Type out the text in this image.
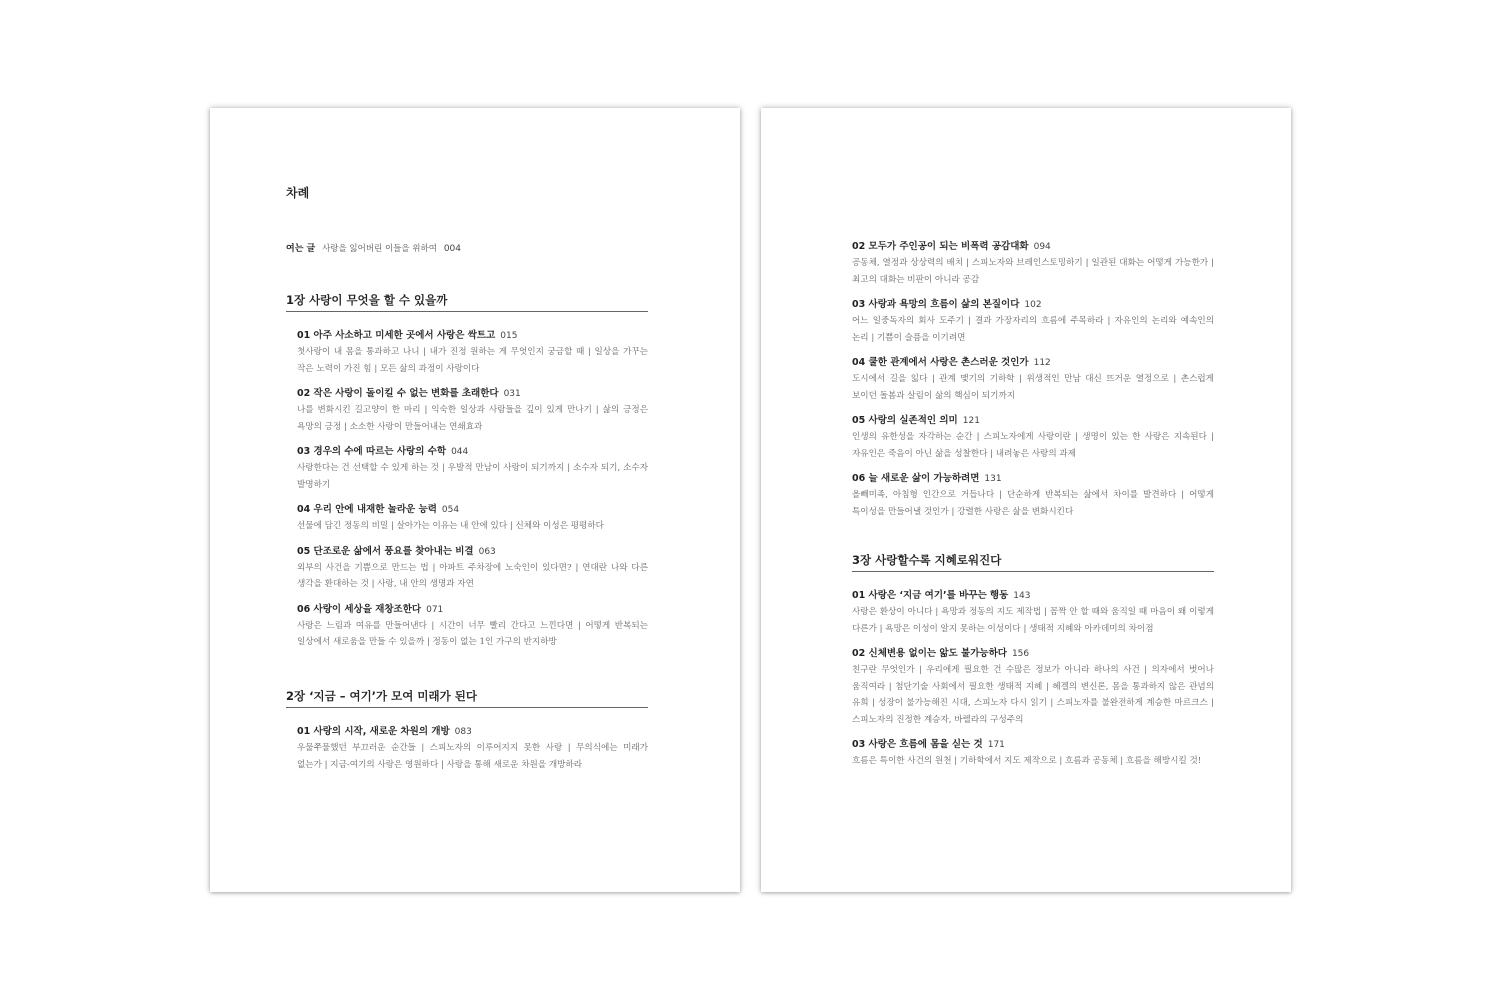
차례
여는 글 사랑을 잃어버린 이들을 위하여 004
1장 사랑이 무엇을 할 수 있을까
01 아주 사소하고 미세한 곳에서 사랑은 싹트고 015
첫사랑이 내 몸을 통과하고 나니 | 내가 진정 원하는 게 무엇인지 궁금할 때 | 일상을 가꾸는 작은 노력이 가진 힘 | 모든 삶의 과정이 사랑이다
02 작은 사랑이 돌이킬 수 없는 변화를 초래한다 031
나를 변화시킨 길고양이 한 마리 | 익숙한 일상과 사람들을 깊이 있게 만나기 | 삶의 긍정은 욕망의 긍정 | 소소한 사랑이 만들어내는 연쇄효과
03 경우의 수에 따르는 사랑의 수학 044
사랑한다는 건 선택할 수 있게 하는 것 | 우발적 만남이 사랑이 되기까지 | 소수자 되기, 소수자 발명하기
04 우리 안에 내재한 놀라운 능력 054
선물에 담긴 정동의 비밀 | 살아가는 이유는 내 안에 있다 | 신체와 이성은 평평하다
05 단조로운 삶에서 풍요를 찾아내는 비결 063
외부의 사건을 기쁨으로 만드는 법 | 아파트 주차장에 노숙인이 있다면? | 연대란 나와 다른 생각을 환대하는 것 | 사랑, 내 안의 생명과 자연
06 사랑이 세상을 재창조한다 071
사랑은 느림과 여유를 만들어낸다 | 시간이 너무 빨리 간다고 느낀다면 | 어떻게 반복되는 일상에서 새로움을 만들 수 있을까 | 정동이 없는 1인 가구의 반지하방
2장 ‘지금 – 여기’가 모여 미래가 된다
01 사랑의 시작, 새로운 차원의 개방 083
우물쭈물했던 부끄러운 순간들 | 스피노자의 이루어지지 못한 사랑 | 무의식에는 미래가 없는가 | 지금-여기의 사랑은 영원하다 | 사랑을 통해 새로운 차원을 개방하라
02 모두가 주인공이 되는 비폭력 공감대화 094
공동체, 열정과 상상력의 배치 | 스피노자와 브레인스토밍하기 | 일관된 대화는 어떻게 가능한가 | 최고의 대화는 비판이 아니라 공감
03 사랑과 욕망의 흐름이 삶의 본질이다 102
어느 일중독자의 회사 도주기 | 결과 가장자리의 흐름에 주목하라 | 자유인의 논리와 예속인의 논리 | 기쁨이 슬픔을 이기려면
04 쿨한 관계에서 사랑은 촌스러운 것인가 112
도시에서 길을 잃다 | 관계 맺기의 기하학 | 위생적인 만남 대신 뜨거운 열정으로 | 촌스럽게 보이던 돌봄과 살림이 삶의 핵심이 되기까지
05 사랑의 실존적인 의미 121
인생의 유한성을 자각하는 순간 | 스피노자에게 사랑이란 | 생명이 있는 한 사랑은 지속된다 | 자유인은 죽음이 아닌 삶을 성찰한다 | 내려놓은 사랑의 과제
06 늘 새로운 삶이 가능하려면 131
올빼미족, 아침형 인간으로 거듭나다 | 단순하게 반복되는 삶에서 차이를 발견하다 | 어떻게 특이성을 만들어낼 것인가 | 강렬한 사랑은 삶을 변화시킨다
3장 사랑할수록 지혜로워진다
01 사랑은 ‘지금 여기’를 바꾸는 행동 143
사랑은 환상이 아니다 | 욕망과 정동의 지도 제작법 | 꼼짝 안 할 때와 움직일 때 마음이 왜 이렇게 다른가 | 욕망은 이성이 알지 못하는 이성이다 | 생태적 지혜와 아카데미의 차이점
02 신체변용 없이는 앎도 불가능하다 156
친구란 무엇인가 | 우리에게 필요한 건 수많은 정보가 아니라 하나의 사건 | 의자에서 벗어나 움직여라 | 첨단기술 사회에서 필요한 생태적 지혜 | 헤겔의 변신론, 몸을 통과하지 않은 관념의 유희 | 성장이 불가능해진 시대, 스피노자 다시 읽기 | 스피노자를 불완전하게 계승한 마르크스 | 스피노자의 진정한 계승자, 바렐라의 구성주의
03 사랑은 흐름에 몸을 싣는 것 171
흐름은 특이한 사건의 원천 | 기하학에서 지도 제작으로 | 흐름과 공동체 | 흐름을 해방시킬 것!
